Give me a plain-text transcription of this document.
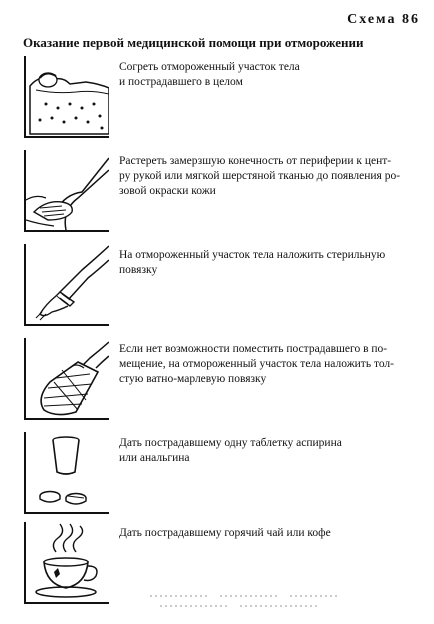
Схема 86
Оказание первой медицинской помощи при отморожении
Согреть отмороженный участок тела
и пострадавшего в целом
Растереть замерзшую конечность от периферии к цент-
ру рукой или мягкой шерстяной тканью до появления ро-
зовой окраски кожи
На отмороженный участок тела наложить стерильную
повязку
Если нет возможности поместить пострадавшего в по-
мещение, на отмороженный участок тела наложить тол-
стую ватно-марлевую повязку
Дать пострадавшему одну таблетку аспирина
или анальгина
Дать пострадавшему горячий чай или кофе
